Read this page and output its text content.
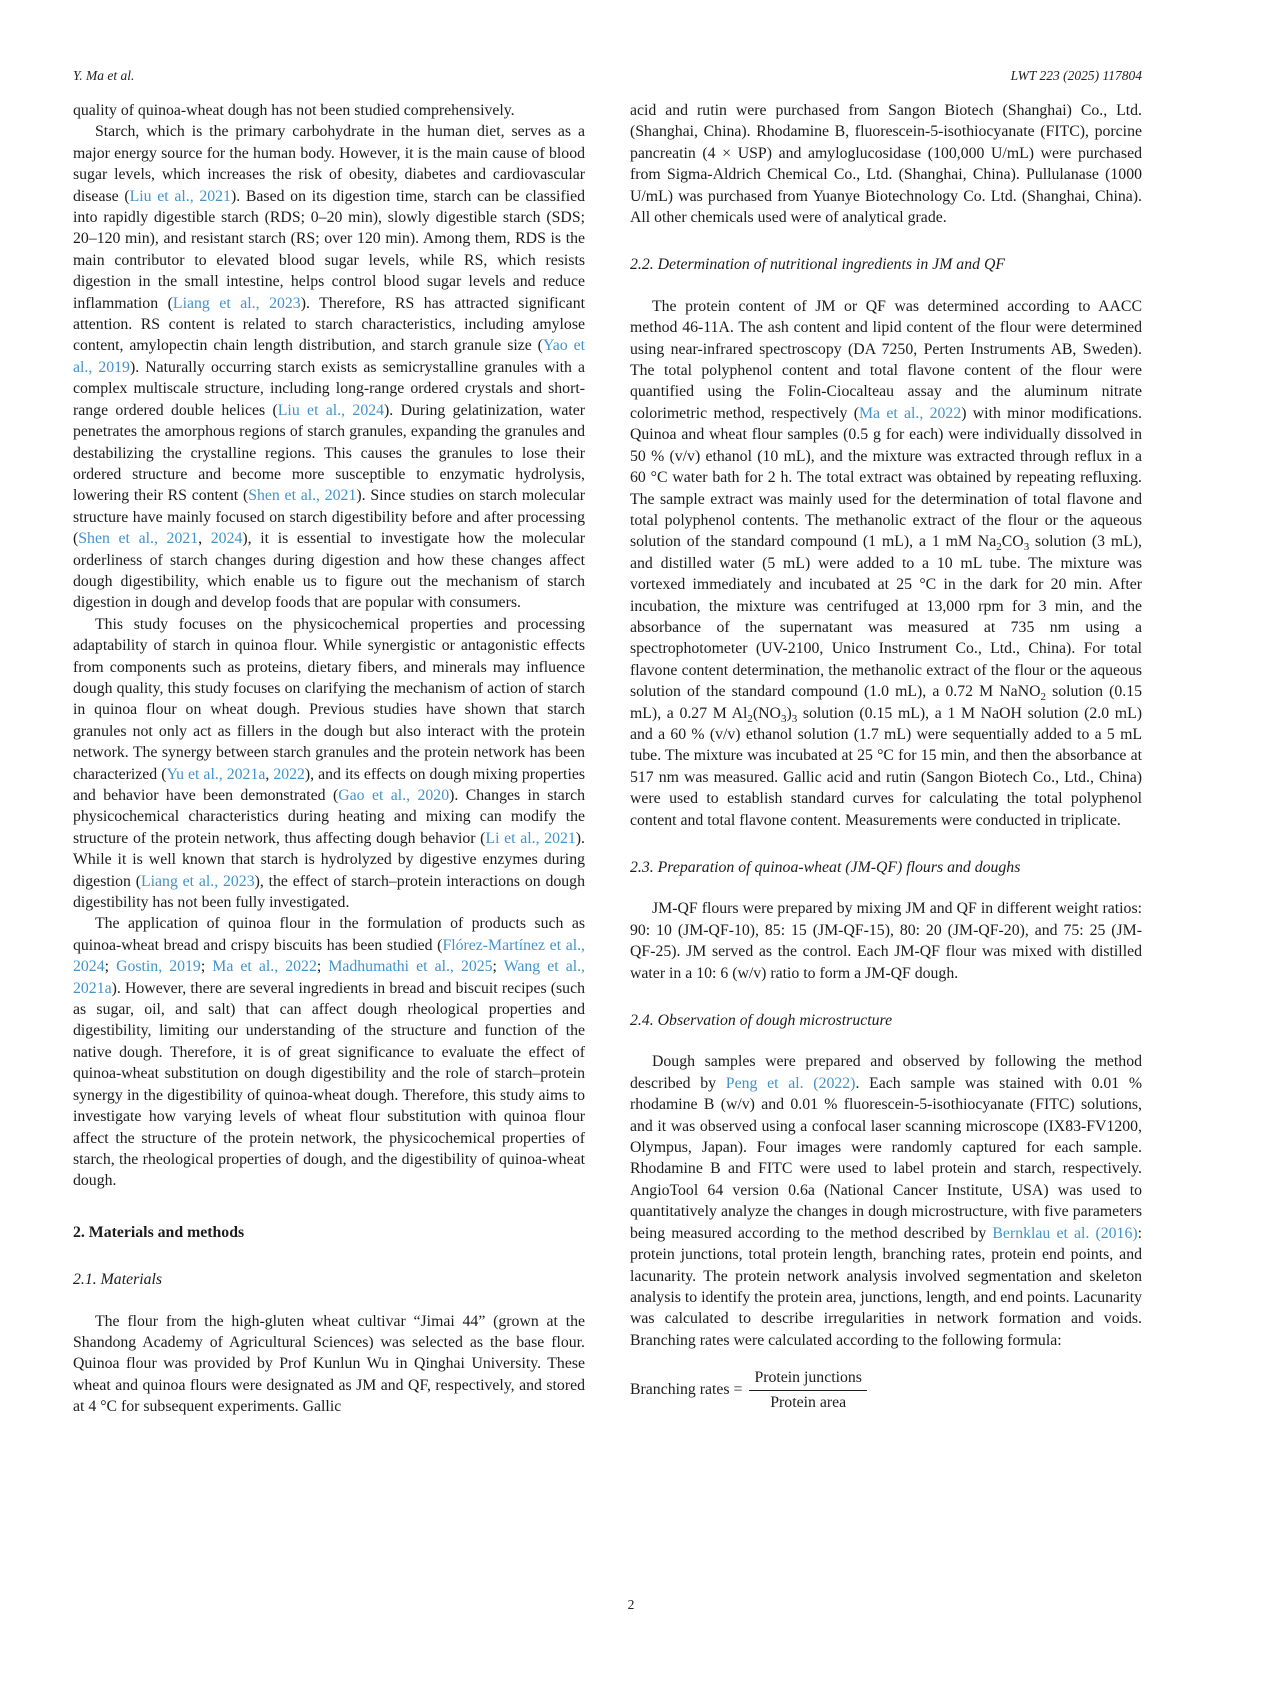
Y. Ma et al.	LWT 223 (2025) 117804

quality of quinoa-wheat dough has not been studied comprehensively.

Starch, which is the primary carbohydrate in the human diet, serves as a major energy source for the human body. However, it is the main cause of blood sugar levels, which increases the risk of obesity, diabetes and cardiovascular disease (Liu et al., 2021). Based on its digestion time, starch can be classified into rapidly digestible starch (RDS; 0–20 min), slowly digestible starch (SDS; 20–120 min), and resistant starch (RS; over 120 min). Among them, RDS is the main contributor to elevated blood sugar levels, while RS, which resists digestion in the small intestine, helps control blood sugar levels and reduce inflammation (Liang et al., 2023). Therefore, RS has attracted significant attention. RS content is related to starch characteristics, including amylose content, amylopectin chain length distribution, and starch granule size (Yao et al., 2019). Naturally occurring starch exists as semicrystalline granules with a complex multiscale structure, including long-range ordered crystals and short-range ordered double helices (Liu et al., 2024). During gelatinization, water penetrates the amorphous regions of starch granules, expanding the granules and destabilizing the crystalline regions. This causes the granules to lose their ordered structure and become more susceptible to enzymatic hydrolysis, lowering their RS content (Shen et al., 2021). Since studies on starch molecular structure have mainly focused on starch digestibility before and after processing (Shen et al., 2021, 2024), it is essential to investigate how the molecular orderliness of starch changes during digestion and how these changes affect dough digestibility, which enable us to figure out the mechanism of starch digestion in dough and develop foods that are popular with consumers.

This study focuses on the physicochemical properties and processing adaptability of starch in quinoa flour. While synergistic or antagonistic effects from components such as proteins, dietary fibers, and minerals may influence dough quality, this study focuses on clarifying the mechanism of action of starch in quinoa flour on wheat dough. Previous studies have shown that starch granules not only act as fillers in the dough but also interact with the protein network. The synergy between starch granules and the protein network has been characterized (Yu et al., 2021a, 2022), and its effects on dough mixing properties and behavior have been demonstrated (Gao et al., 2020). Changes in starch physicochemical characteristics during heating and mixing can modify the structure of the protein network, thus affecting dough behavior (Li et al., 2021). While it is well known that starch is hydrolyzed by digestive enzymes during digestion (Liang et al., 2023), the effect of starch–protein interactions on dough digestibility has not been fully investigated.

The application of quinoa flour in the formulation of products such as quinoa-wheat bread and crispy biscuits has been studied (Flórez-Martínez et al., 2024; Gostin, 2019; Ma et al., 2022; Madhumathi et al., 2025; Wang et al., 2021a). However, there are several ingredients in bread and biscuit recipes (such as sugar, oil, and salt) that can affect dough rheological properties and digestibility, limiting our understanding of the structure and function of the native dough. Therefore, it is of great significance to evaluate the effect of quinoa-wheat substitution on dough digestibility and the role of starch–protein synergy in the digestibility of quinoa-wheat dough. Therefore, this study aims to investigate how varying levels of wheat flour substitution with quinoa flour affect the structure of the protein network, the physicochemical properties of starch, the rheological properties of dough, and the digestibility of quinoa-wheat dough.

2. Materials and methods
2.1. Materials

The flour from the high-gluten wheat cultivar “Jimai 44” (grown at the Shandong Academy of Agricultural Sciences) was selected as the base flour. Quinoa flour was provided by Prof Kunlun Wu in Qinghai University. These wheat and quinoa flours were designated as JM and QF, respectively, and stored at 4 °C for subsequent experiments. Gallic

acid and rutin were purchased from Sangon Biotech (Shanghai) Co., Ltd. (Shanghai, China). Rhodamine B, fluorescein-5-isothiocyanate (FITC), porcine pancreatin (4 × USP) and amyloglucosidase (100,000 U/mL) were purchased from Sigma-Aldrich Chemical Co., Ltd. (Shanghai, China). Pullulanase (1000 U/mL) was purchased from Yuanye Biotechnology Co. Ltd. (Shanghai, China). All other chemicals used were of analytical grade.

2.2. Determination of nutritional ingredients in JM and QF

The protein content of JM or QF was determined according to AACC method 46-11A. The ash content and lipid content of the flour were determined using near-infrared spectroscopy (DA 7250, Perten Instruments AB, Sweden). The total polyphenol content and total flavone content of the flour were quantified using the Folin-Ciocalteau assay and the aluminum nitrate colorimetric method, respectively (Ma et al., 2022) with minor modifications. Quinoa and wheat flour samples (0.5 g for each) were individually dissolved in 50 % (v/v) ethanol (10 mL), and the mixture was extracted through reflux in a 60 °C water bath for 2 h. The total extract was obtained by repeating refluxing. The sample extract was mainly used for the determination of total flavone and total polyphenol contents. The methanolic extract of the flour or the aqueous solution of the standard compound (1 mL), a 1 mM $Na_2CO_3$ solution (3 mL), and distilled water (5 mL) were added to a 10 mL tube. The mixture was vortexed immediately and incubated at 25 °C in the dark for 20 min. After incubation, the mixture was centrifuged at 13,000 rpm for 3 min, and the absorbance of the supernatant was measured at 735 nm using a spectrophotometer (UV-2100, Unico Instrument Co., Ltd., China). For total flavone content determination, the methanolic extract of the flour or the aqueous solution of the standard compound (1.0 mL), a 0.72 M NaNO$_2$ solution (0.15 mL), a 0.27 M $Al_2(NO_3)_3$ solution (0.15 mL), a 1 M NaOH solution (2.0 mL) and a 60 % (v/v) ethanol solution (1.7 mL) were sequentially added to a 5 mL tube. The mixture was incubated at 25 °C for 15 min, and then the absorbance at 517 nm was measured. Gallic acid and rutin (Sangon Biotech Co., Ltd., China) were used to establish standard curves for calculating the total polyphenol content and total flavone content. Measurements were conducted in triplicate.

2.3. Preparation of quinoa-wheat (JM-QF) flours and doughs

JM-QF flours were prepared by mixing JM and QF in different weight ratios: 90: 10 (JM-QF-10), 85: 15 (JM-QF-15), 80: 20 (JM-QF-20), and 75: 25 (JM-QF-25). JM served as the control. Each JM-QF flour was mixed with distilled water in a 10: 6 (w/v) ratio to form a JM-QF dough.

2.4. Observation of dough microstructure

Dough samples were prepared and observed by following the method described by Peng et al. (2022). Each sample was stained with 0.01 % rhodamine B (w/v) and 0.01 % fluorescein-5-isothiocyanate (FITC) solutions, and it was observed using a confocal laser scanning microscope (IX83-FV1200, Olympus, Japan). Four images were randomly captured for each sample. Rhodamine B and FITC were used to label protein and starch, respectively. AngioTool 64 version 0.6a (National Cancer Institute, USA) was used to quantitatively analyze the changes in dough microstructure, with five parameters being measured according to the method described by Bernklau et al. (2016): protein junctions, total protein length, branching rates, protein end points, and lacunarity. The protein network analysis involved segmentation and skeleton analysis to identify the protein area, junctions, length, and end points. Lacunarity was calculated to describe irregularities in network formation and voids. Branching rates were calculated according to the following formula:

Branching rates = $\frac{\text{Protein junctions}}{\text{Protein area}}$
2
